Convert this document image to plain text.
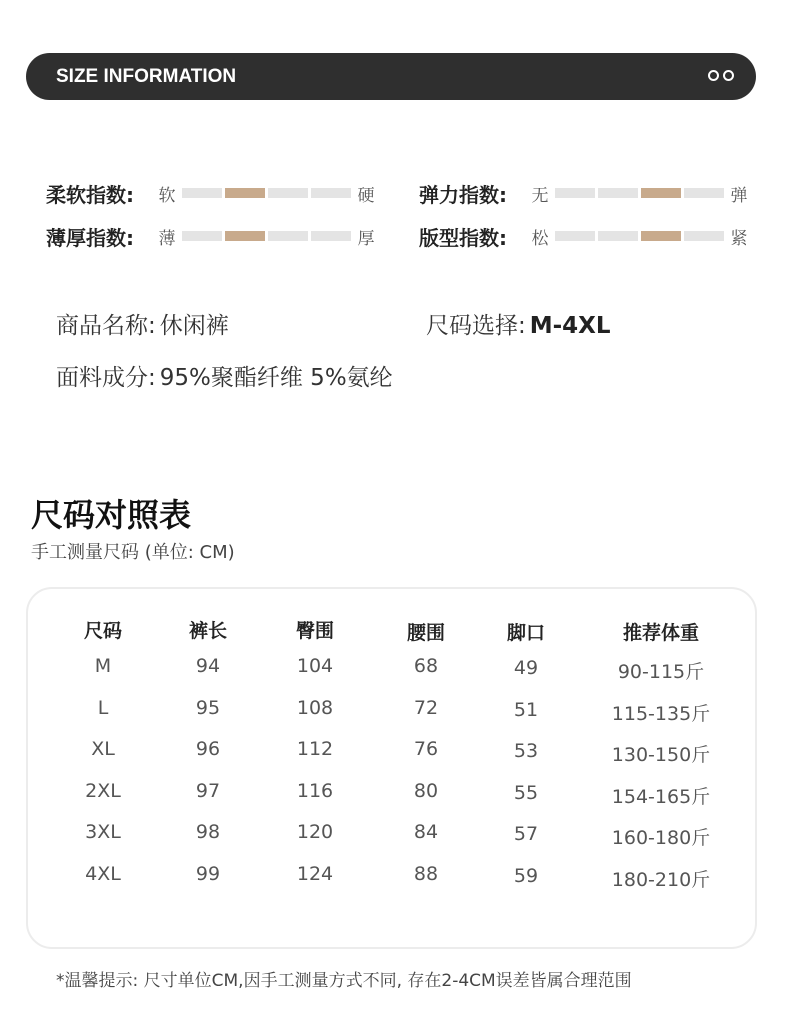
SIZE INFORMATION
柔软指数:	软	硬
薄厚指数:	薄	厚
弹力指数:	无	弹
版型指数:	松	紧
商品名称: 休闲裤	尺码选择: M-4XL
面料成分: 95%聚酯纤维 5%氨纶
尺码对照表
手工测量尺码 (单位: CM)
尺码	裤长	臀围	腰围	脚口	推荐体重
M	94	104	68	49	90-115斤
L	95	108	72	51	115-135斤
XL	96	112	76	53	130-150斤
2XL	97	116	80	55	154-165斤
3XL	98	120	84	57	160-180斤
4XL	99	124	88	59	180-210斤
*温馨提示: 尺寸单位CM,因手工测量方式不同, 存在2-4CM误差皆属合理范围
